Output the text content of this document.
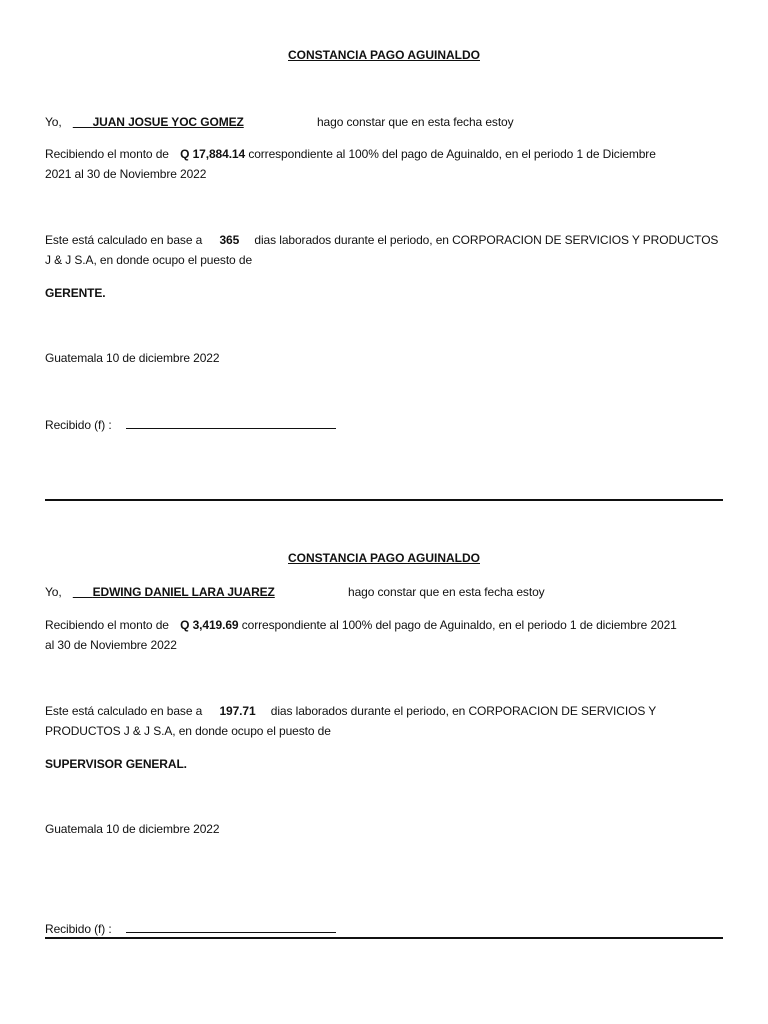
CONSTANCIA PAGO AGUINALDO
Yo, ___JUAN JOSUE YOC GOMEZ	hago constar que en esta fecha estoy
Recibiendo el monto de Q 17,884.14 correspondiente al 100% del pago de Aguinaldo, en el periodo 1 de Diciembre
2021 al 30 de Noviembre 2022
Este está calculado en base a 365 dias laborados durante el periodo, en CORPORACION DE SERVICIOS Y PRODUCTOS
J & J S.A, en donde ocupo el puesto de
GERENTE.
Guatemala 10 de diciembre 2022
Recibido (f) :
CONSTANCIA PAGO AGUINALDO
Yo, ___EDWING DANIEL LARA JUAREZ	hago constar que en esta fecha estoy
Recibiendo el monto de Q 3,419.69 correspondiente al 100% del pago de Aguinaldo, en el periodo 1 de diciembre 2021
al 30 de Noviembre 2022
Este está calculado en base a 197.71 dias laborados durante el periodo, en CORPORACION DE SERVICIOS Y
PRODUCTOS J & J S.A, en donde ocupo el puesto de
SUPERVISOR GENERAL.
Guatemala 10 de diciembre 2022
Recibido (f) :
